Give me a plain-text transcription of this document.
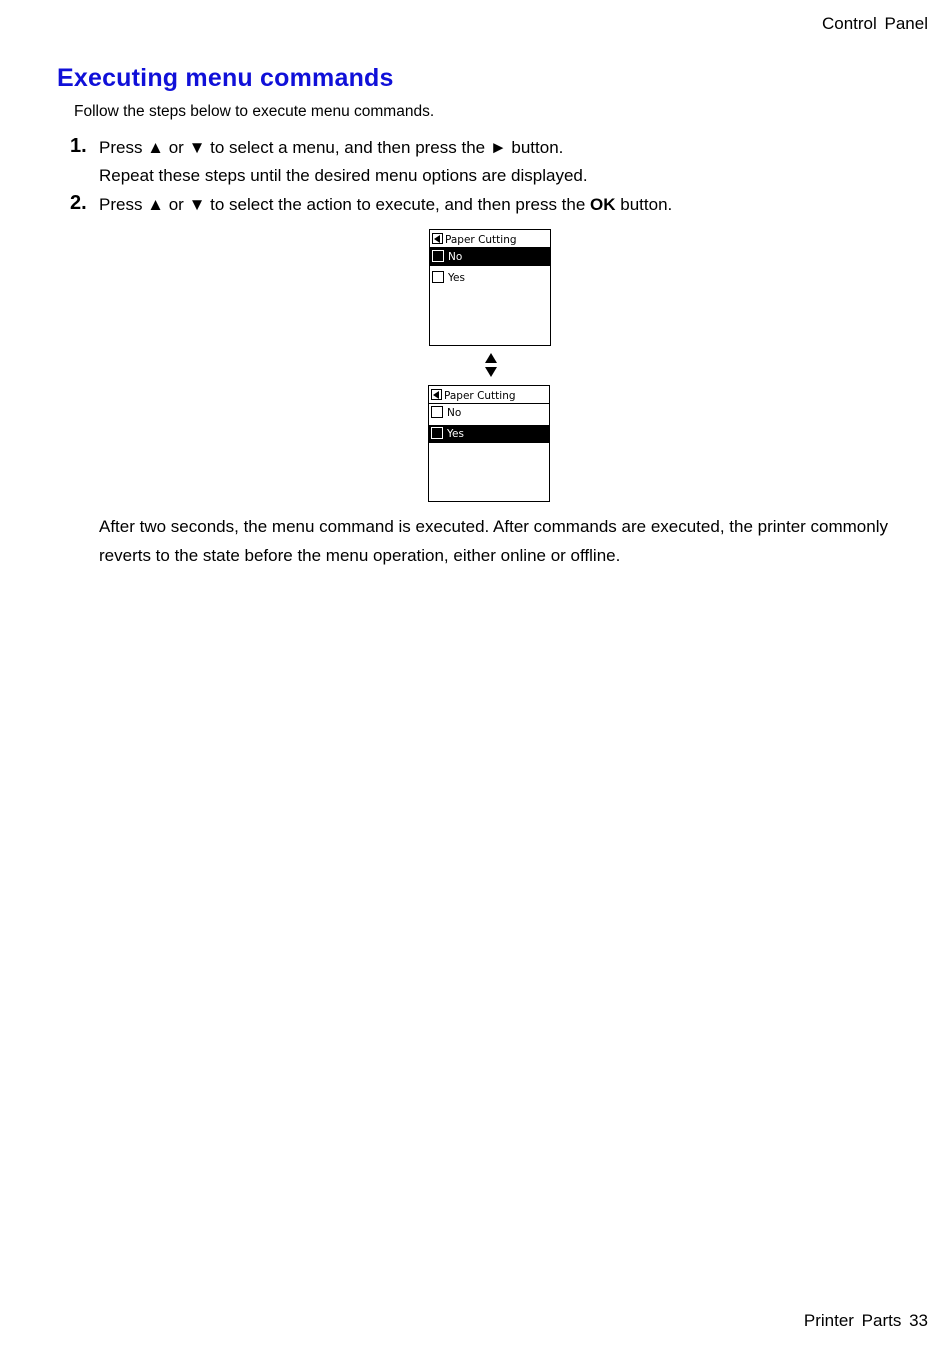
Control Panel
Executing menu commands
Follow the steps below to execute menu commands.
1. Press ▲ or ▼ to select a menu, and then press the ► button.
Repeat these steps until the desired menu options are displayed.
2. Press ▲ or ▼ to select the action to execute, and then press the OK button.
Paper Cutting
No
Yes
Paper Cutting
No
Yes
After two seconds, the menu command is executed. After commands are executed, the printer commonly reverts to the state before the menu operation, either online or offline.
Printer Parts 33
